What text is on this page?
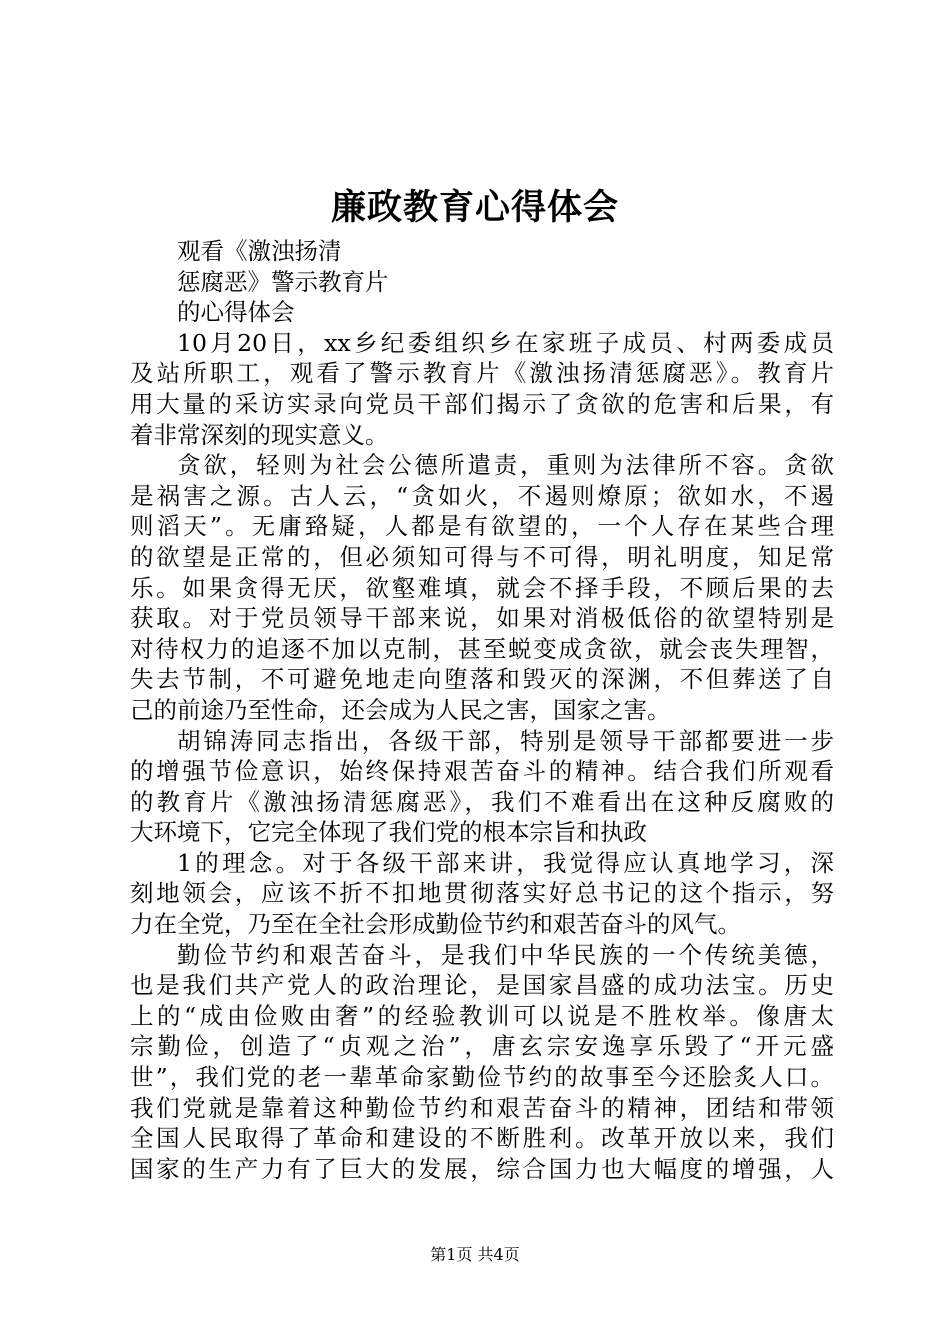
廉政教育心得体会
观看《激浊扬清
惩腐恶》警示教育片
的心得体会
10月20日，xx乡纪委组织乡在家班子成员、村两委成员
及站所职工，观看了警示教育片《激浊扬清惩腐恶》。教育片
用大量的采访实录向党员干部们揭示了贪欲的危害和后果，有
着非常深刻的现实意义。
贪欲，轻则为社会公德所遣责，重则为法律所不容。贪欲
是祸害之源。古人云，“贪如火，不遏则燎原；欲如水，不遏
则滔天”。无庸臵疑，人都是有欲望的，一个人存在某些合理
的欲望是正常的，但必须知可得与不可得，明礼明度，知足常
乐。如果贪得无厌，欲壑难填，就会不择手段，不顾后果的去
获取。对于党员领导干部来说，如果对消极低俗的欲望特别是
对待权力的追逐不加以克制，甚至蜕变成贪欲，就会丧失理智，
失去节制，不可避免地走向堕落和毁灭的深渊，不但葬送了自
己的前途乃至性命，还会成为人民之害，国家之害。
胡锦涛同志指出，各级干部，特别是领导干部都要进一步
的增强节俭意识，始终保持艰苦奋斗的精神。结合我们所观看
的教育片《激浊扬清惩腐恶》，我们不难看出在这种反腐败的
大环境下，它完全体现了我们党的根本宗旨和执政
1的理念。对于各级干部来讲，我觉得应认真地学习，深
刻地领会，应该不折不扣地贯彻落实好总书记的这个指示，努
力在全党，乃至在全社会形成勤俭节约和艰苦奋斗的风气。
勤俭节约和艰苦奋斗，是我们中华民族的一个传统美德，
也是我们共产党人的政治理论，是国家昌盛的成功法宝。历史
上的“成由俭败由奢”的经验教训可以说是不胜枚举。像唐太
宗勤俭，创造了“贞观之治”，唐玄宗安逸享乐毁了“开元盛
世”，我们党的老一辈革命家勤俭节约的故事至今还脍炙人口。
我们党就是靠着这种勤俭节约和艰苦奋斗的精神，团结和带领
全国人民取得了革命和建设的不断胜利。改革开放以来，我们
国家的生产力有了巨大的发展，综合国力也大幅度的增强，人
第1页 共4页
